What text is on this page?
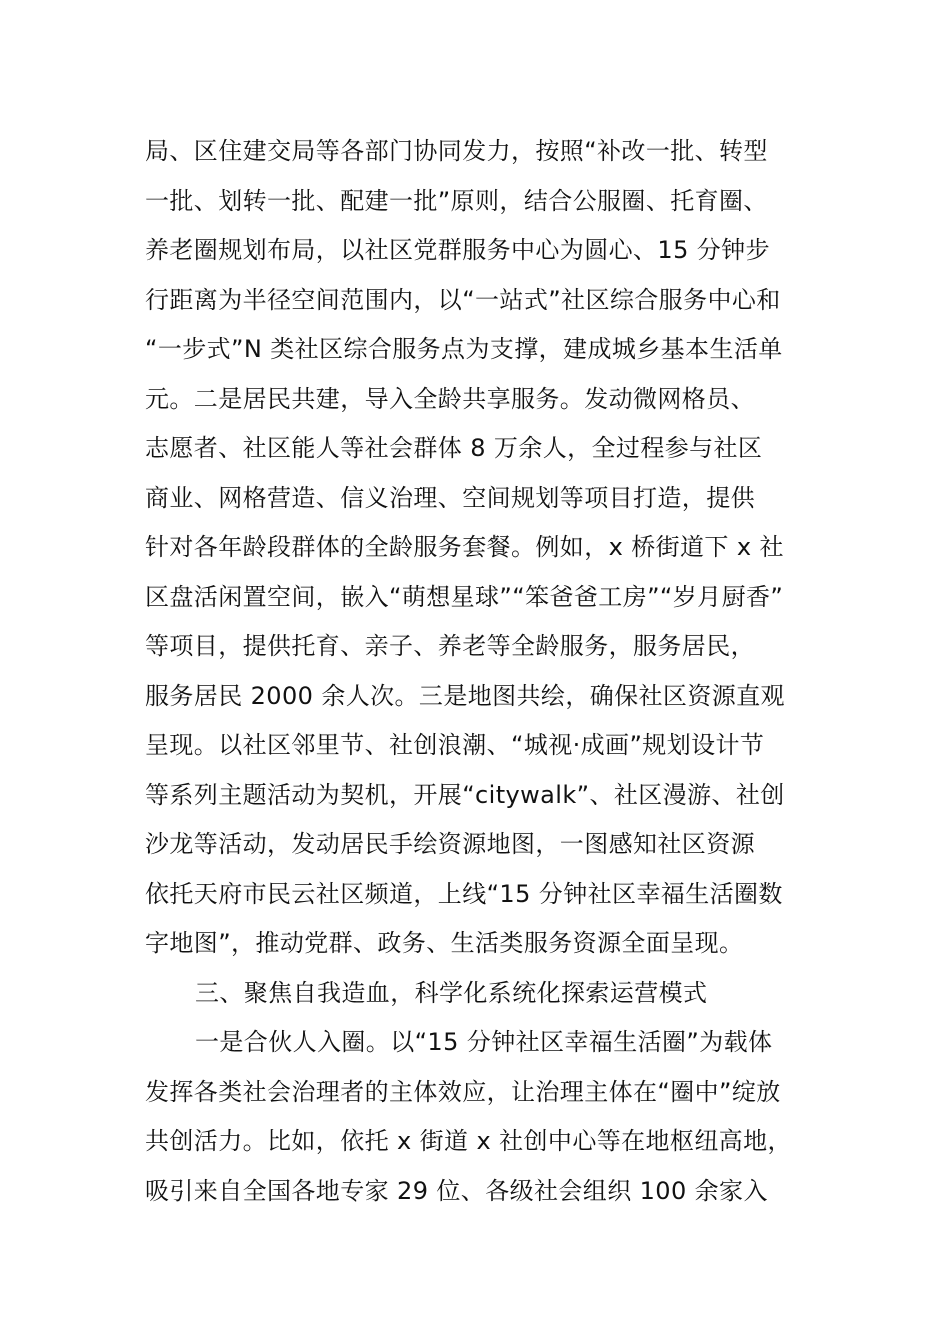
局、区住建交局等各部门协同发力，按照“补改一批、转型
一批、划转一批、配建一批”原则，结合公服圈、托育圈、
养老圈规划布局，以社区党群服务中心为圆心、15 分钟步
行距离为半径空间范围内，以“一站式”社区综合服务中心和
“一步式”N 类社区综合服务点为支撑，建成城乡基本生活单
元。二是居民共建，导入全龄共享服务。发动微网格员、
志愿者、社区能人等社会群体 8 万余人，全过程参与社区
商业、网格营造、信义治理、空间规划等项目打造，提供
针对各年龄段群体的全龄服务套餐。例如，x 桥街道下 x 社
区盘活闲置空间，嵌入“萌想星球”“笨爸爸工房”“岁月厨香”
等项目，提供托育、亲子、养老等全龄服务，服务居民，
服务居民 2000 余人次。三是地图共绘，确保社区资源直观
呈现。以社区邻里节、社创浪潮、“城视·成画”规划设计节
等系列主题活动为契机，开展“citywalk”、社区漫游、社创
沙龙等活动，发动居民手绘资源地图，一图感知社区资源
依托天府市民云社区频道，上线“15 分钟社区幸福生活圈数
字地图”，推动党群、政务、生活类服务资源全面呈现。
三、聚焦自我造血，科学化系统化探索运营模式
一是合伙人入圈。以“15 分钟社区幸福生活圈”为载体
发挥各类社会治理者的主体效应，让治理主体在“圈中”绽放
共创活力。比如，依托 x 街道 x 社创中心等在地枢纽高地，
吸引来自全国各地专家 29 位、各级社会组织 100 余家入
